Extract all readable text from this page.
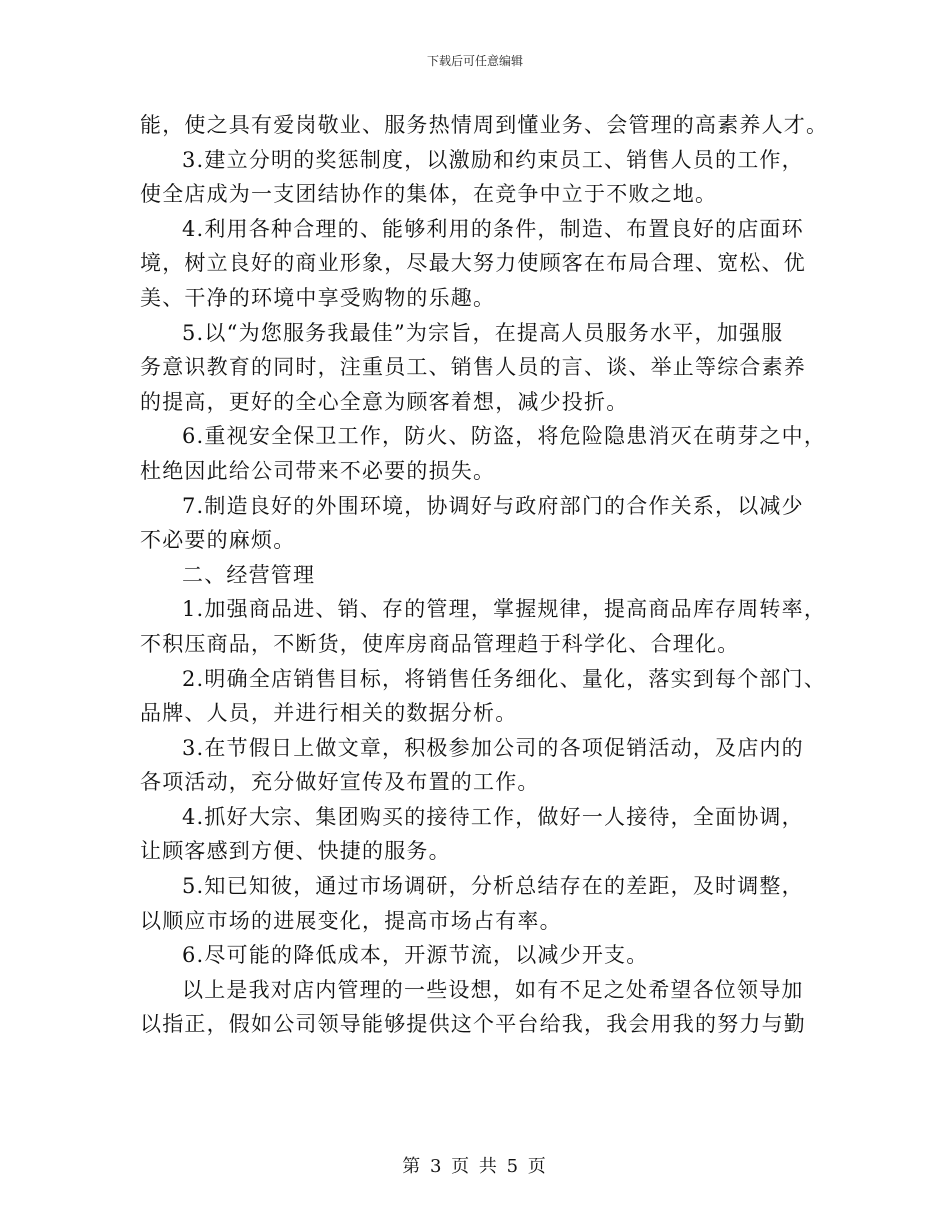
下载后可任意编辑

能，使之具有爱岗敬业、服务热情周到懂业务、会管理的高素养人才。

3.建立分明的奖惩制度，以激励和约束员工、销售人员的工作，

使全店成为一支团结协作的集体，在竞争中立于不败之地。

4.利用各种合理的、能够利用的条件，制造、布置良好的店面环

境，树立良好的商业形象，尽最大努力使顾客在布局合理、宽松、优

美、干净的环境中享受购物的乐趣。

5.以“为您服务我最佳”为宗旨，在提高人员服务水平，加强服

务意识教育的同时，注重员工、销售人员的言、谈、举止等综合素养

的提高，更好的全心全意为顾客着想，减少投折。

6.重视安全保卫工作，防火、防盗，将危险隐患消灭在萌芽之中，

杜绝因此给公司带来不必要的损失。

7.制造良好的外围环境，协调好与政府部门的合作关系，以减少

不必要的麻烦。

二、经营管理

1.加强商品进、销、存的管理，掌握规律，提高商品库存周转率，

不积压商品，不断货，使库房商品管理趋于科学化、合理化。

2.明确全店销售目标，将销售任务细化、量化，落实到每个部门、

品牌、人员，并进行相关的数据分析。

3.在节假日上做文章，积极参加公司的各项促销活动，及店内的

各项活动，充分做好宣传及布置的工作。

4.抓好大宗、集团购买的接待工作，做好一人接待，全面协调，

让顾客感到方便、快捷的服务。

5.知已知彼，通过市场调研，分析总结存在的差距，及时调整，

以顺应市场的进展变化，提高市场占有率。

6.尽可能的降低成本，开源节流，以减少开支。

以上是我对店内管理的一些设想，如有不足之处希望各位领导加

以指正，假如公司领导能够提供这个平台给我，我会用我的努力与勤

第 3 页 共 5 页
